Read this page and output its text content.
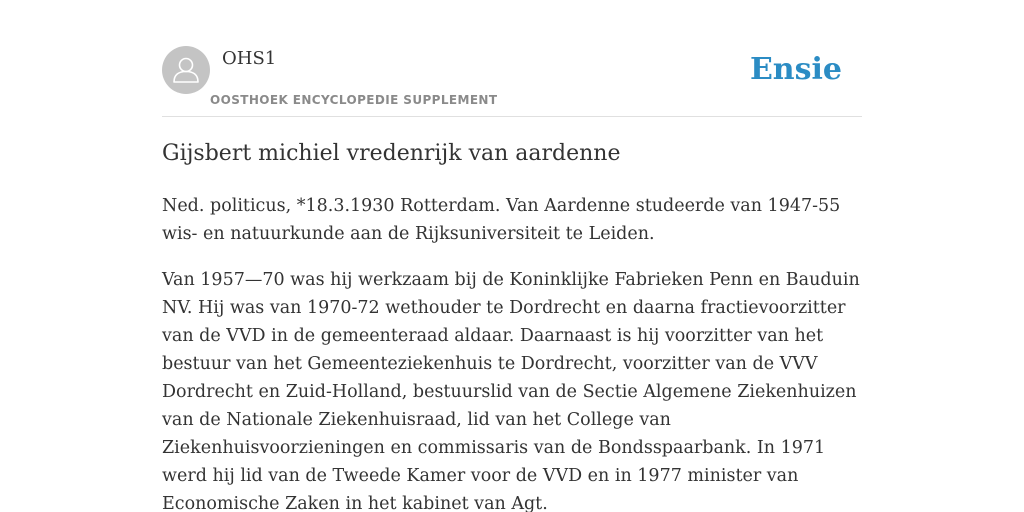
OHS1
OOSTHOEK ENCYCLOPEDIE SUPPLEMENT
Ensie
Gijsbert michiel vredenrijk van aardenne

Ned. politicus, *18.3.1930 Rotterdam. Van Aardenne studeerde van 1947-55 wis- en natuurkunde aan de Rijksuniversiteit te Leiden.

Van 1957—70 was hij werkzaam bij de Koninklijke Fabrieken Penn en Bauduin NV. Hij was van 1970-72 wethouder te Dordrecht en daarna fractievoorzitter van de VVD in de gemeenteraad aldaar. Daarnaast is hij voorzitter van het bestuur van het Gemeenteziekenhuis te Dordrecht, voorzitter van de VVV Dordrecht en Zuid-Holland, bestuurslid van de Sectie Algemene Ziekenhuizen van de Nationale Ziekenhuisraad, lid van het College van Ziekenhuisvoorzieningen en commissaris van de Bondsspaarbank. In 1971 werd hij lid van de Tweede Kamer voor de VVD en in 1977 minister van Economische Zaken in het kabinet van Agt.
